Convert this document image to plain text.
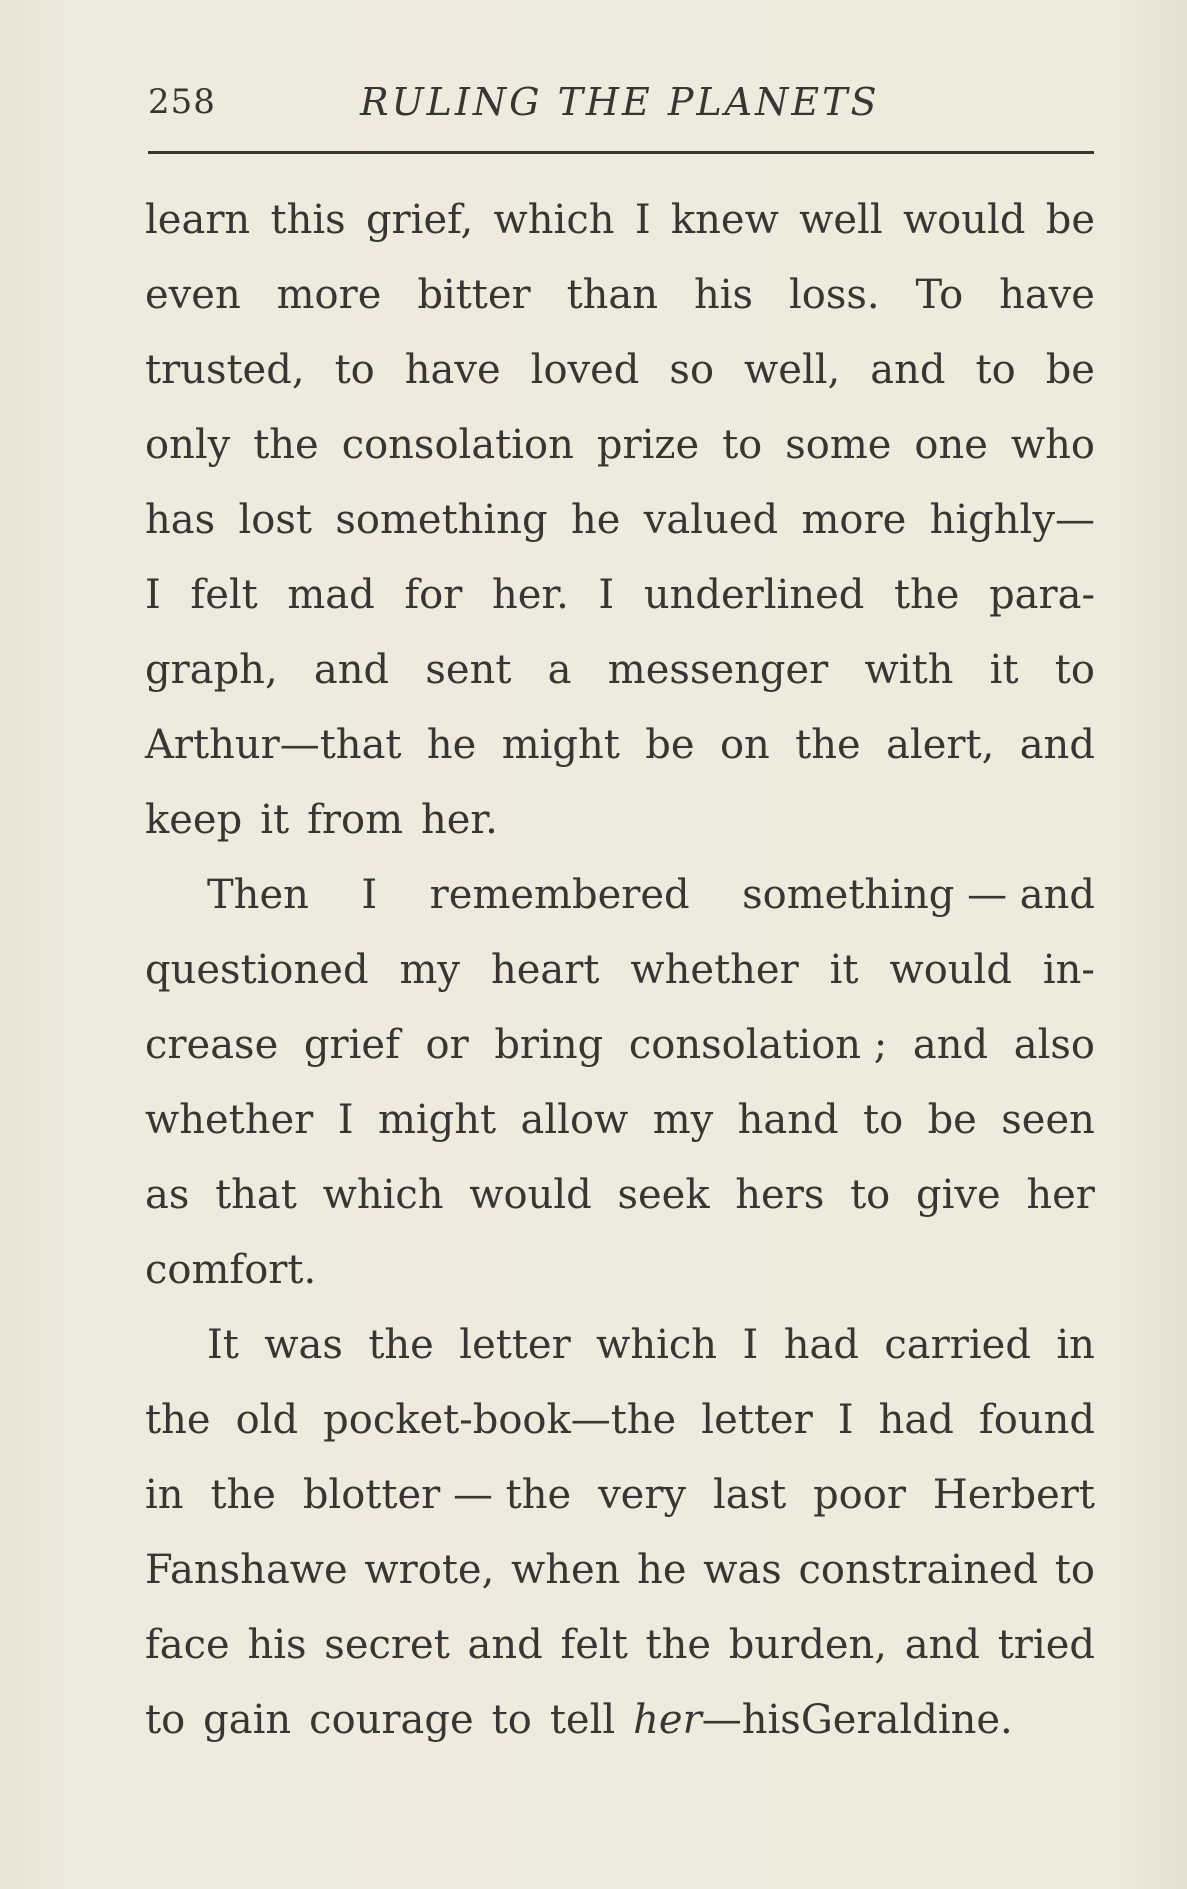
258	RULING THE PLANETS
learn this grief, which I knew well would be
even more bitter than his loss. To have
trusted, to have loved so well, and to be
only the consolation prize to some one who
has lost something he valued more highly—
I felt mad for her. I underlined the para-
graph, and sent a messenger with it to
Arthur—that he might be on the alert, and
keep it from her.
Then I remembered something — and
questioned my heart whether it would in-
crease grief or bring consolation ; and also
whether I might allow my hand to be seen
as that which would seek hers to give her
comfort.
It was the letter which I had carried in
the old pocket-book—the letter I had found
in the blotter — the very last poor Herbert
Fanshawe wrote, when he was constrained to
face his secret and felt the burden, and tried
to gain courage to tell her—his Geraldine.
